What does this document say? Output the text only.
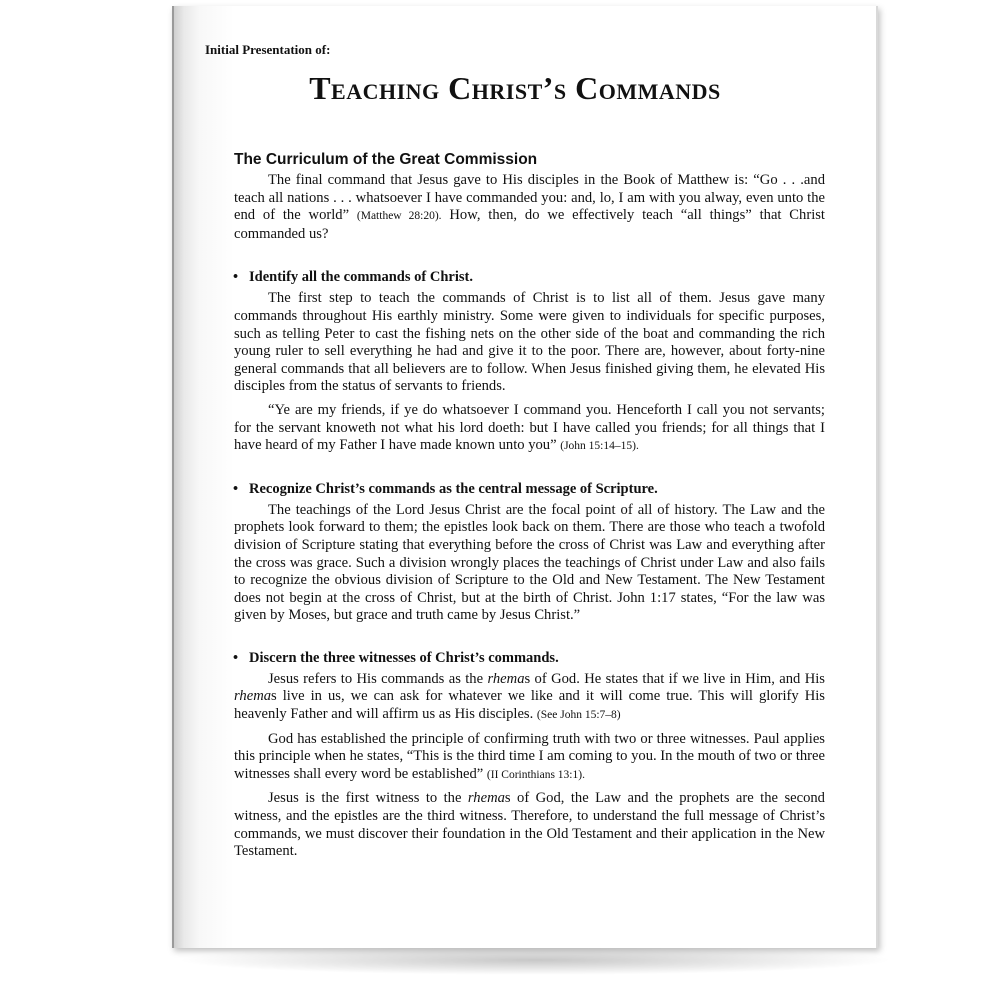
Initial Presentation of:

Teaching Christ’s Commands
The Curriculum of the Great Commission

The final command that Jesus gave to His disciples in the Book of Matthew is: “Go . . .and teach all nations . . . whatsoever I have commanded you: and, lo, I am with you alway, even unto the end of the world” (Matthew 28:20). How, then, do we effectively teach “all things” that Christ commanded us?

• Identify all the commands of Christ.

The first step to teach the commands of Christ is to list all of them. Jesus gave many commands throughout His earthly ministry. Some were given to individuals for specific purposes, such as telling Peter to cast the fishing nets on the other side of the boat and commanding the rich young ruler to sell everything he had and give it to the poor. There are, however, about forty-nine general commands that all believers are to follow. When Jesus finished giving them, he elevated His disciples from the status of servants to friends.

“Ye are my friends, if ye do whatsoever I command you. Henceforth I call you not servants; for the servant knoweth not what his lord doeth: but I have called you friends; for all things that I have heard of my Father I have made known unto you” (John 15:14–15).

• Recognize Christ’s commands as the central message of Scripture.

The teachings of the Lord Jesus Christ are the focal point of all of history. The Law and the prophets look forward to them; the epistles look back on them. There are those who teach a twofold division of Scripture stating that everything before the cross of Christ was Law and everything after the cross was grace. Such a division wrongly places the teachings of Christ under Law and also fails to recognize the obvious division of Scripture to the Old and New Testament. The New Testament does not begin at the cross of Christ, but at the birth of Christ. John 1:17 states, “For the law was given by Moses, but grace and truth came by Jesus Christ.”

• Discern the three witnesses of Christ’s commands.

Jesus refers to His commands as the rhemas of God. He states that if we live in Him, and His rhemas live in us, we can ask for whatever we like and it will come true. This will glorify His heavenly Father and will affirm us as His disciples. (See John 15:7–8)

God has established the principle of confirming truth with two or three witnesses. Paul applies this principle when he states, “This is the third time I am coming to you. In the mouth of two or three witnesses shall every word be established” (II Corinthians 13:1).

Jesus is the first witness to the rhemas of God, the Law and the prophets are the second witness, and the epistles are the third witness. Therefore, to understand the full message of Christ’s commands, we must discover their foundation in the Old Testament and their application in the New Testament.
